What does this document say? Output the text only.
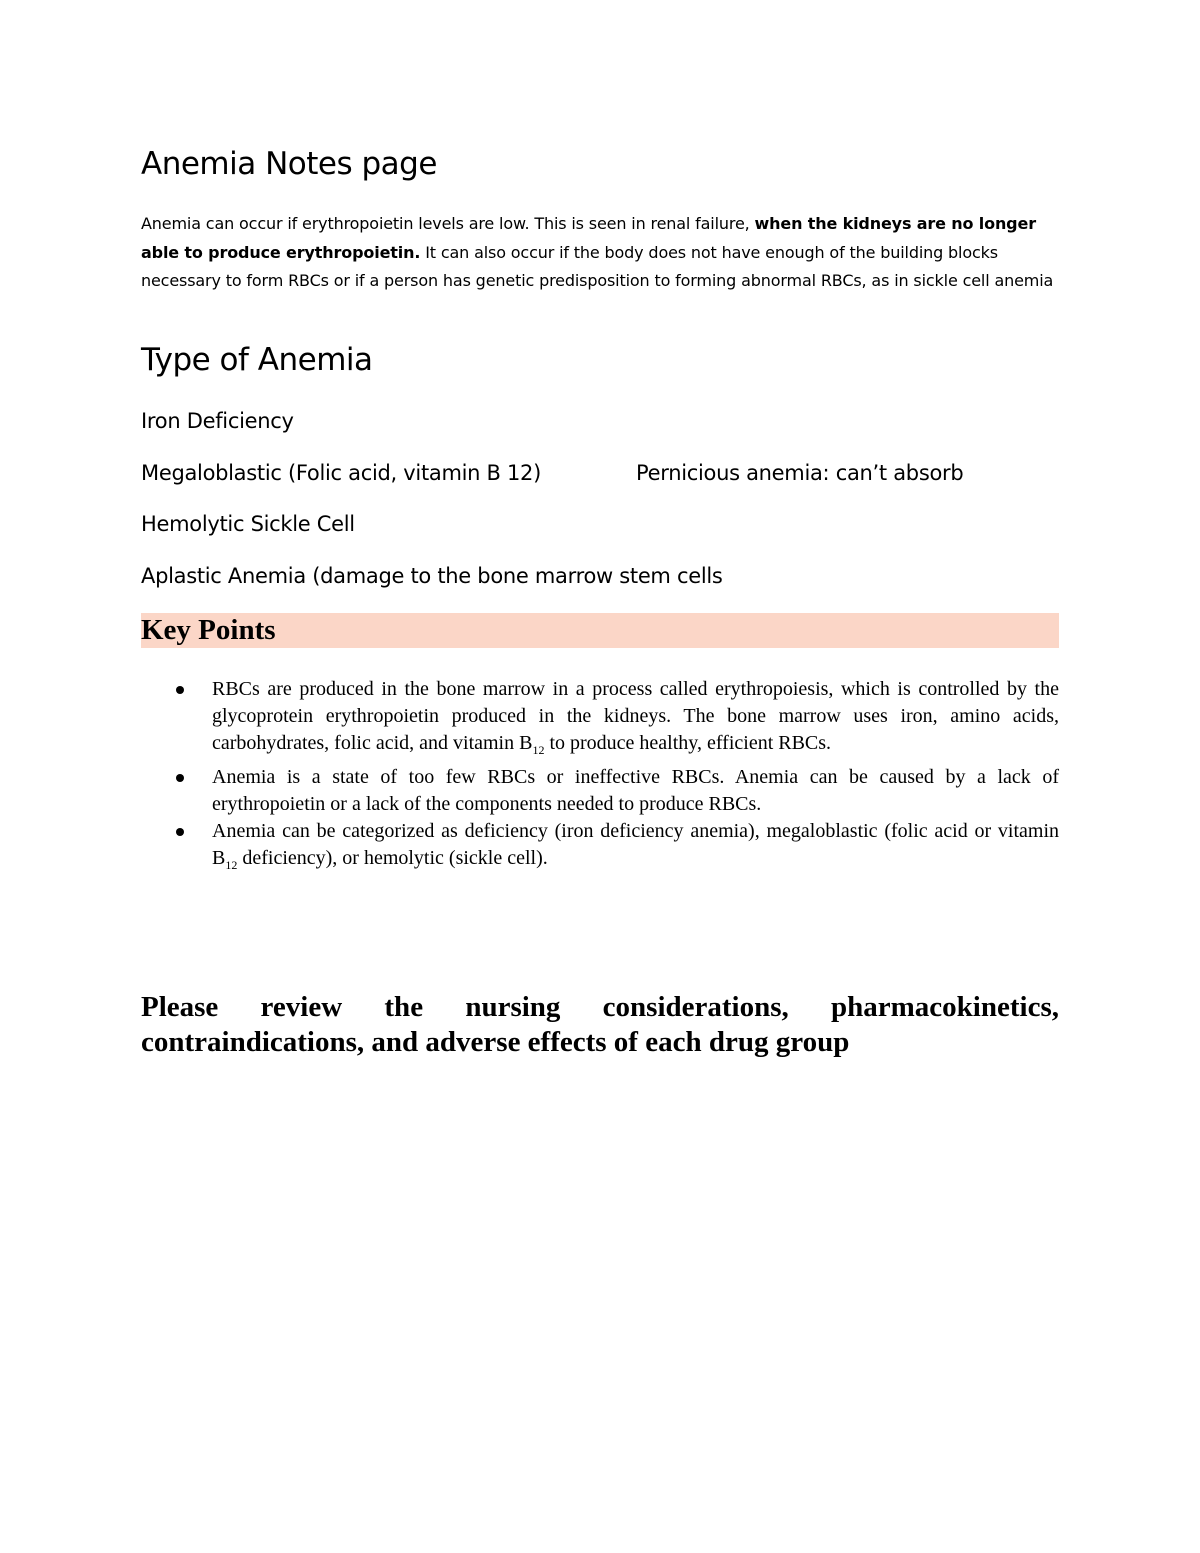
Anemia Notes page

Anemia can occur if erythropoietin levels are low. This is seen in renal failure, when the kidneys are no longer able to produce erythropoietin. It can also occur if the body does not have enough of the building blocks necessary to form RBCs or if a person has genetic predisposition to forming abnormal RBCs, as in sickle cell anemia

Type of Anemia

Iron Deficiency

Megaloblastic (Folic acid, vitamin B 12)	Pernicious anemia: can’t absorb

Hemolytic Sickle Cell

Aplastic Anemia (damage to the bone marrow stem cells

Key Points
RBCs are produced in the bone marrow in a process called erythropoiesis, which is controlled by the glycoprotein erythropoietin produced in the kidneys. The bone marrow uses iron, amino acids, carbohydrates, folic acid, and vitamin $B_{12}$ to produce healthy, efficient RBCs.
Anemia is a state of too few RBCs or ineffective RBCs. Anemia can be caused by a lack of erythropoietin or a lack of the components needed to produce RBCs.
Anemia can be categorized as deficiency (iron deficiency anemia), megaloblastic (folic acid or vitamin $B_{12}$ deficiency), or hemolytic (sickle cell).

Please review the nursing considerations, pharmacokinetics, contraindications, and adverse effects of each drug group
